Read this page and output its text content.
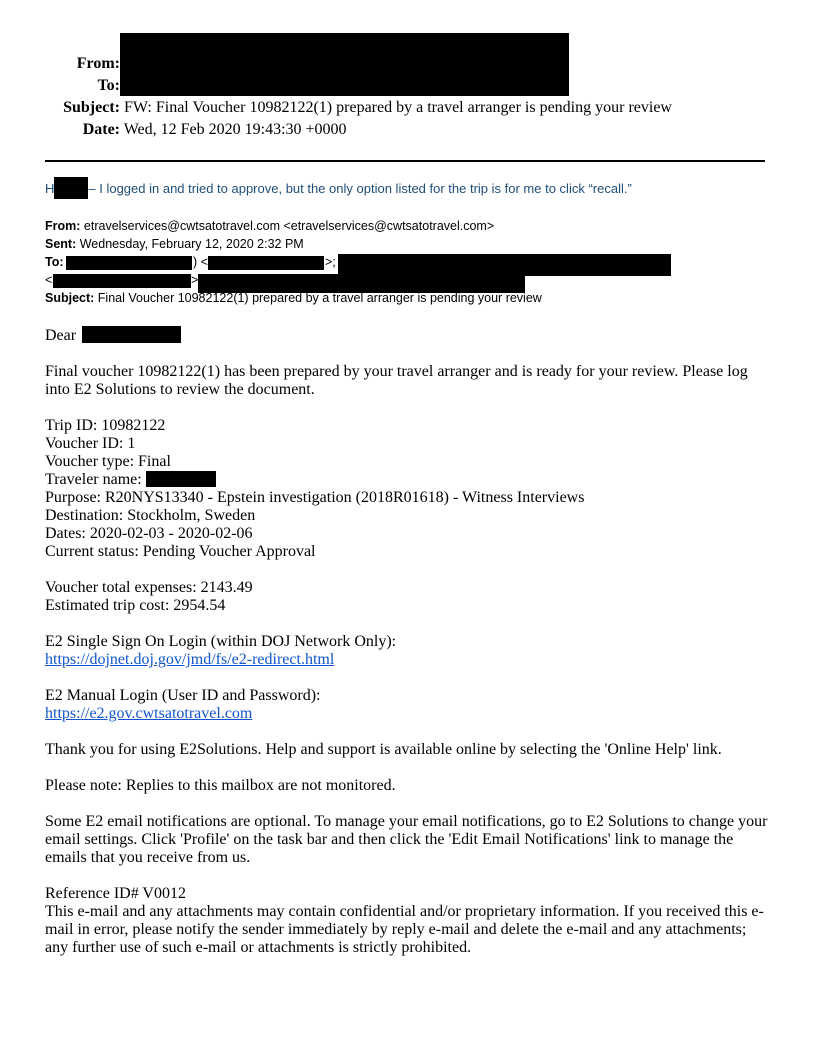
From:
To:
Subject: FW: Final Voucher 10982122(1) prepared by a travel arranger is pending your review
Date: Wed, 12 Feb 2020 19:43:30 +0000
H	– I logged in and tried to approve, but the only option listed for the trip is for me to click “recall.”
From: etravelservices@cwtsatotravel.com <etravelservices@cwtsatotravel.com>
Sent: Wednesday, February 12, 2020 2:32 PM
To:	) <	>;
<	>
Subject: Final Voucher 10982122(1) prepared by a travel arranger is pending your review
Dear

Final voucher 10982122(1) has been prepared by your travel arranger and is ready for your review. Please log into E2 Solutions to review the document.

Trip ID: 10982122

Voucher ID: 1

Voucher type: Final

Traveler name:

Purpose: R20NYS13340 - Epstein investigation (2018R01618) - Witness Interviews

Destination: Stockholm, Sweden

Dates: 2020-02-03 - 2020-02-06

Current status: Pending Voucher Approval

Voucher total expenses: 2143.49

Estimated trip cost: 2954.54

E2 Single Sign On Login (within DOJ Network Only):

https://dojnet.doj.gov/jmd/fs/e2-redirect.html

E2 Manual Login (User ID and Password):

https://e2.gov.cwtsatotravel.com

Thank you for using E2Solutions. Help and support is available online by selecting the 'Online Help' link.

Please note: Replies to this mailbox are not monitored.

Some E2 email notifications are optional. To manage your email notifications, go to E2 Solutions to change your email settings. Click 'Profile' on the task bar and then click the 'Edit Email Notifications' link to manage the emails that you receive from us.

Reference ID# V0012

This e-mail and any attachments may contain confidential and/or proprietary information. If you received this e-mail in error, please notify the sender immediately by reply e-mail and delete the e-mail and any attachments; any further use of such e-mail or attachments is strictly prohibited.
